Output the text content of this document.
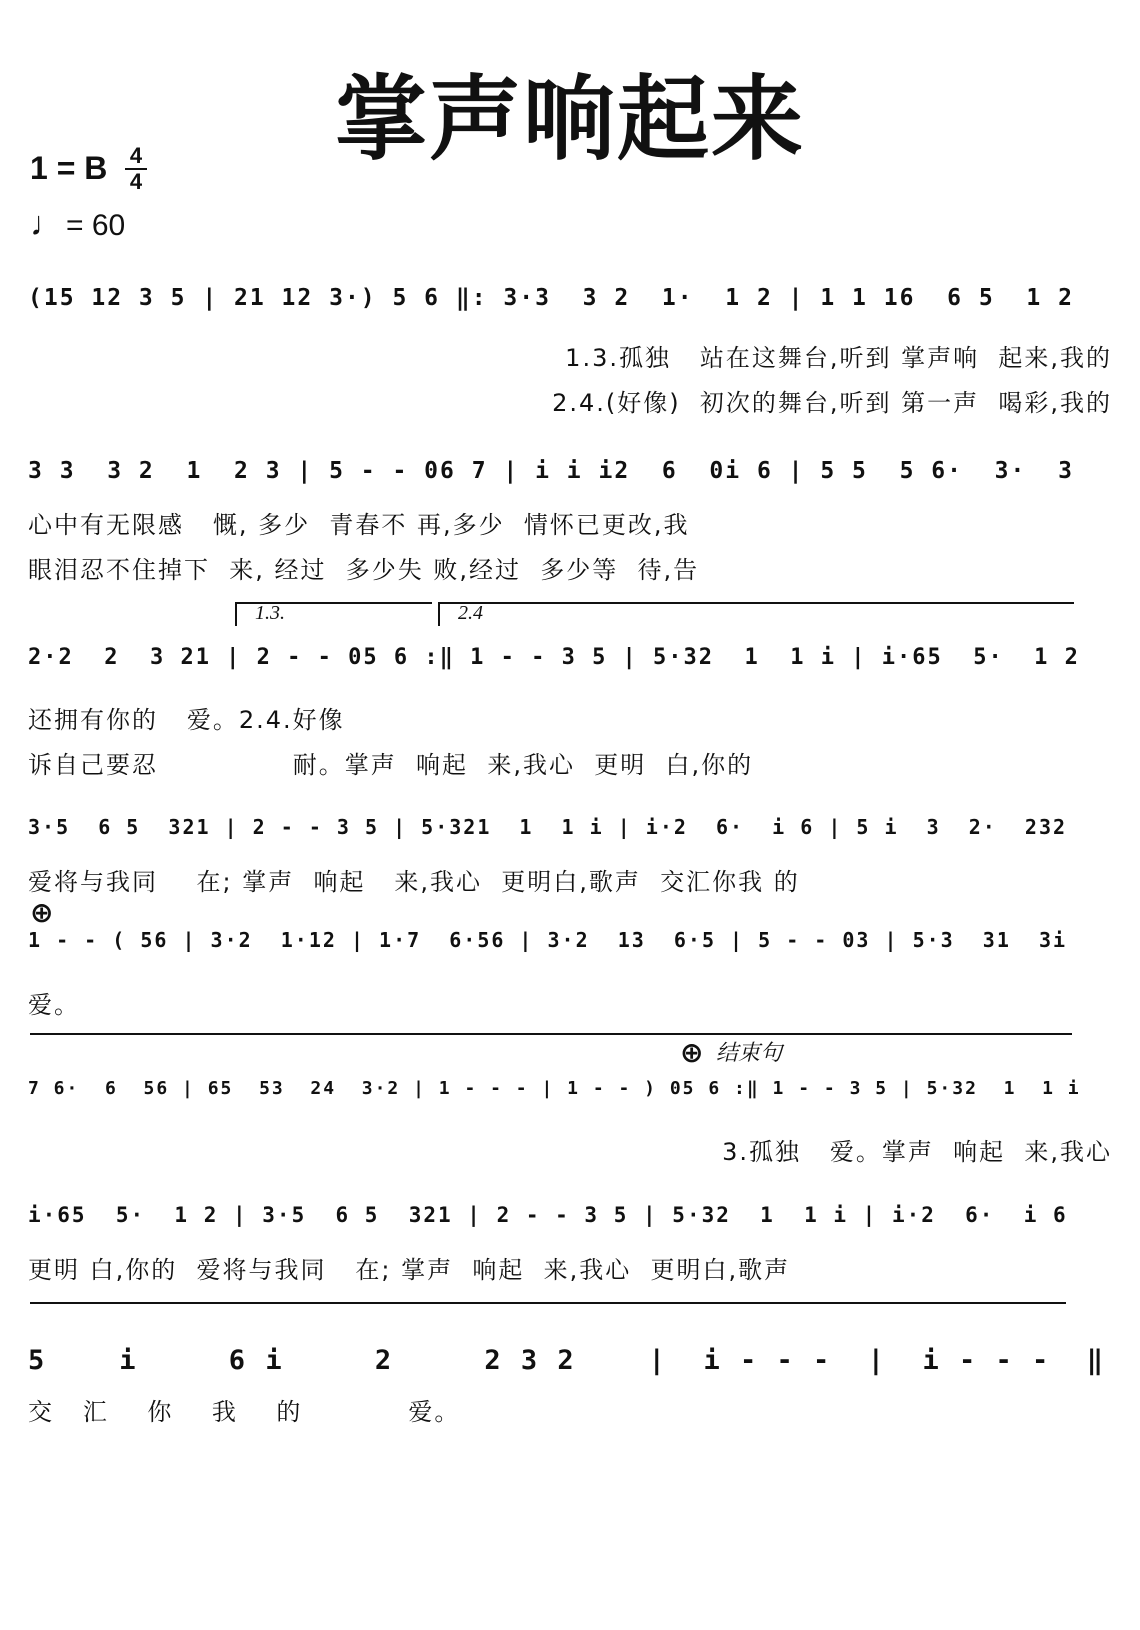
掌声响起来
1 = B	4
4
♩= 60
(15 12 3 5 | 21 12 3·) 5 6 ‖: 3·3  3 2  1·  1 2 | 1 1 16  6 5  1 2
1.3.孤独   站在这舞台,听到 掌声响  起来,我的
2.4.(好像)  初次的舞台,听到 第一声  喝彩,我的
3 3  3 2  1  2 3 | 5 - - 06 7 | i i i2  6  0i 6 | 5 5  5 6·  3·  3
心中有无限感   慨, 多少  青春不 再,多少  情怀已更改,我
眼泪忍不住掉下  来, 经过  多少失 败,经过  多少等  待,告
1.3.	2.4
2·2  2  3 21 | 2 - - 05 6 :‖ 1 - - 3 5 | 5·32  1  1 i | i·65  5·  1 2
还拥有你的   爱。2.4.好像
诉自己要忍              耐。掌声  响起  来,我心  更明  白,你的
3·5  6 5  321 | 2 - - 3 5 | 5·321  1  1 i | i·2  6·  i 6 | 5 i  3  2·  232
爱将与我同    在; 掌声  响起   来,我心  更明白,歌声  交汇你我 的
⊕
1 - - ( 56 | 3·2  1·12 | 1·7  6·56 | 3·2  13  6·5 | 5 - - 03 | 5·3  31  3i
爱。
⊕ 结束句
7 6·  6  56 | 65  53  24  3·2 | 1 - - - | 1 - - ) 05 6 :‖ 1 - - 3 5 | 5·32  1  1 i
3.孤独   爱。掌声  响起  来,我心
i·65  5·  1 2 | 3·5  6 5  321 | 2 - - 3 5 | 5·32  1  1 i | i·2  6·  i 6
更明 白,你的  爱将与我同   在; 掌声  响起  来,我心  更明白,歌声
5    i     6 i     2     2 3 2    |  i - - -  |  i - - -  ‖
交   汇    你    我    的           爱。
